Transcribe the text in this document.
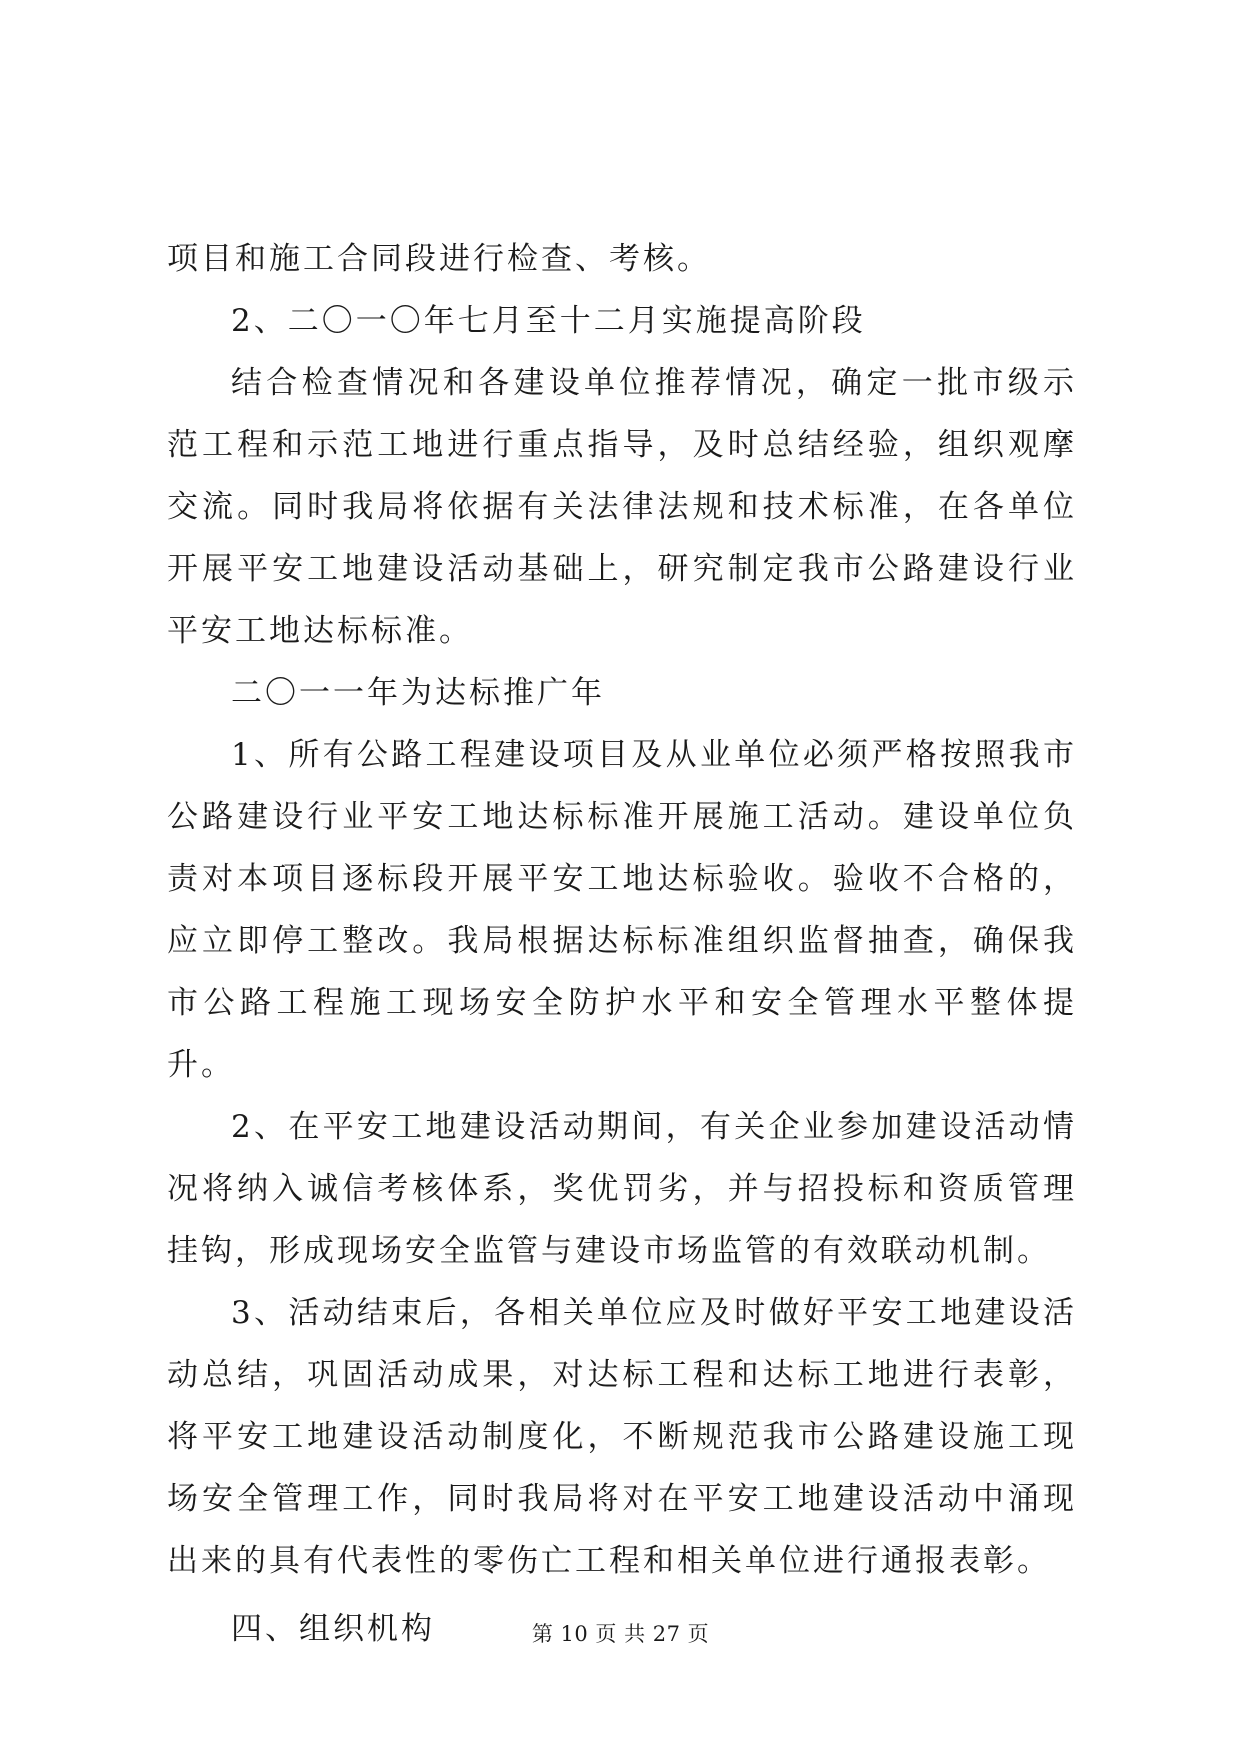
项目和施工合同段进行检查、考核。

2、二〇一〇年七月至十二月实施提高阶段

结合检查情况和各建设单位推荐情况，确定一批市级示范工程和示范工地进行重点指导，及时总结经验，组织观摩交流。同时我局将依据有关法律法规和技术标准，在各单位开展平安工地建设活动基础上，研究制定我市公路建设行业平安工地达标标准。

二〇一一年为达标推广年

1、所有公路工程建设项目及从业单位必须严格按照我市公路建设行业平安工地达标标准开展施工活动。建设单位负责对本项目逐标段开展平安工地达标验收。验收不合格的，应立即停工整改。我局根据达标标准组织监督抽查，确保我市公路工程施工现场安全防护水平和安全管理水平整体提升。

2、在平安工地建设活动期间，有关企业参加建设活动情况将纳入诚信考核体系，奖优罚劣，并与招投标和资质管理挂钩，形成现场安全监管与建设市场监管的有效联动机制。

3、活动结束后，各相关单位应及时做好平安工地建设活动总结，巩固活动成果，对达标工程和达标工地进行表彰，将平安工地建设活动制度化，不断规范我市公路建设施工现场安全管理工作，同时我局将对在平安工地建设活动中涌现出来的具有代表性的零伤亡工程和相关单位进行通报表彰。

四、组织机构	第 10 页 共 27 页
